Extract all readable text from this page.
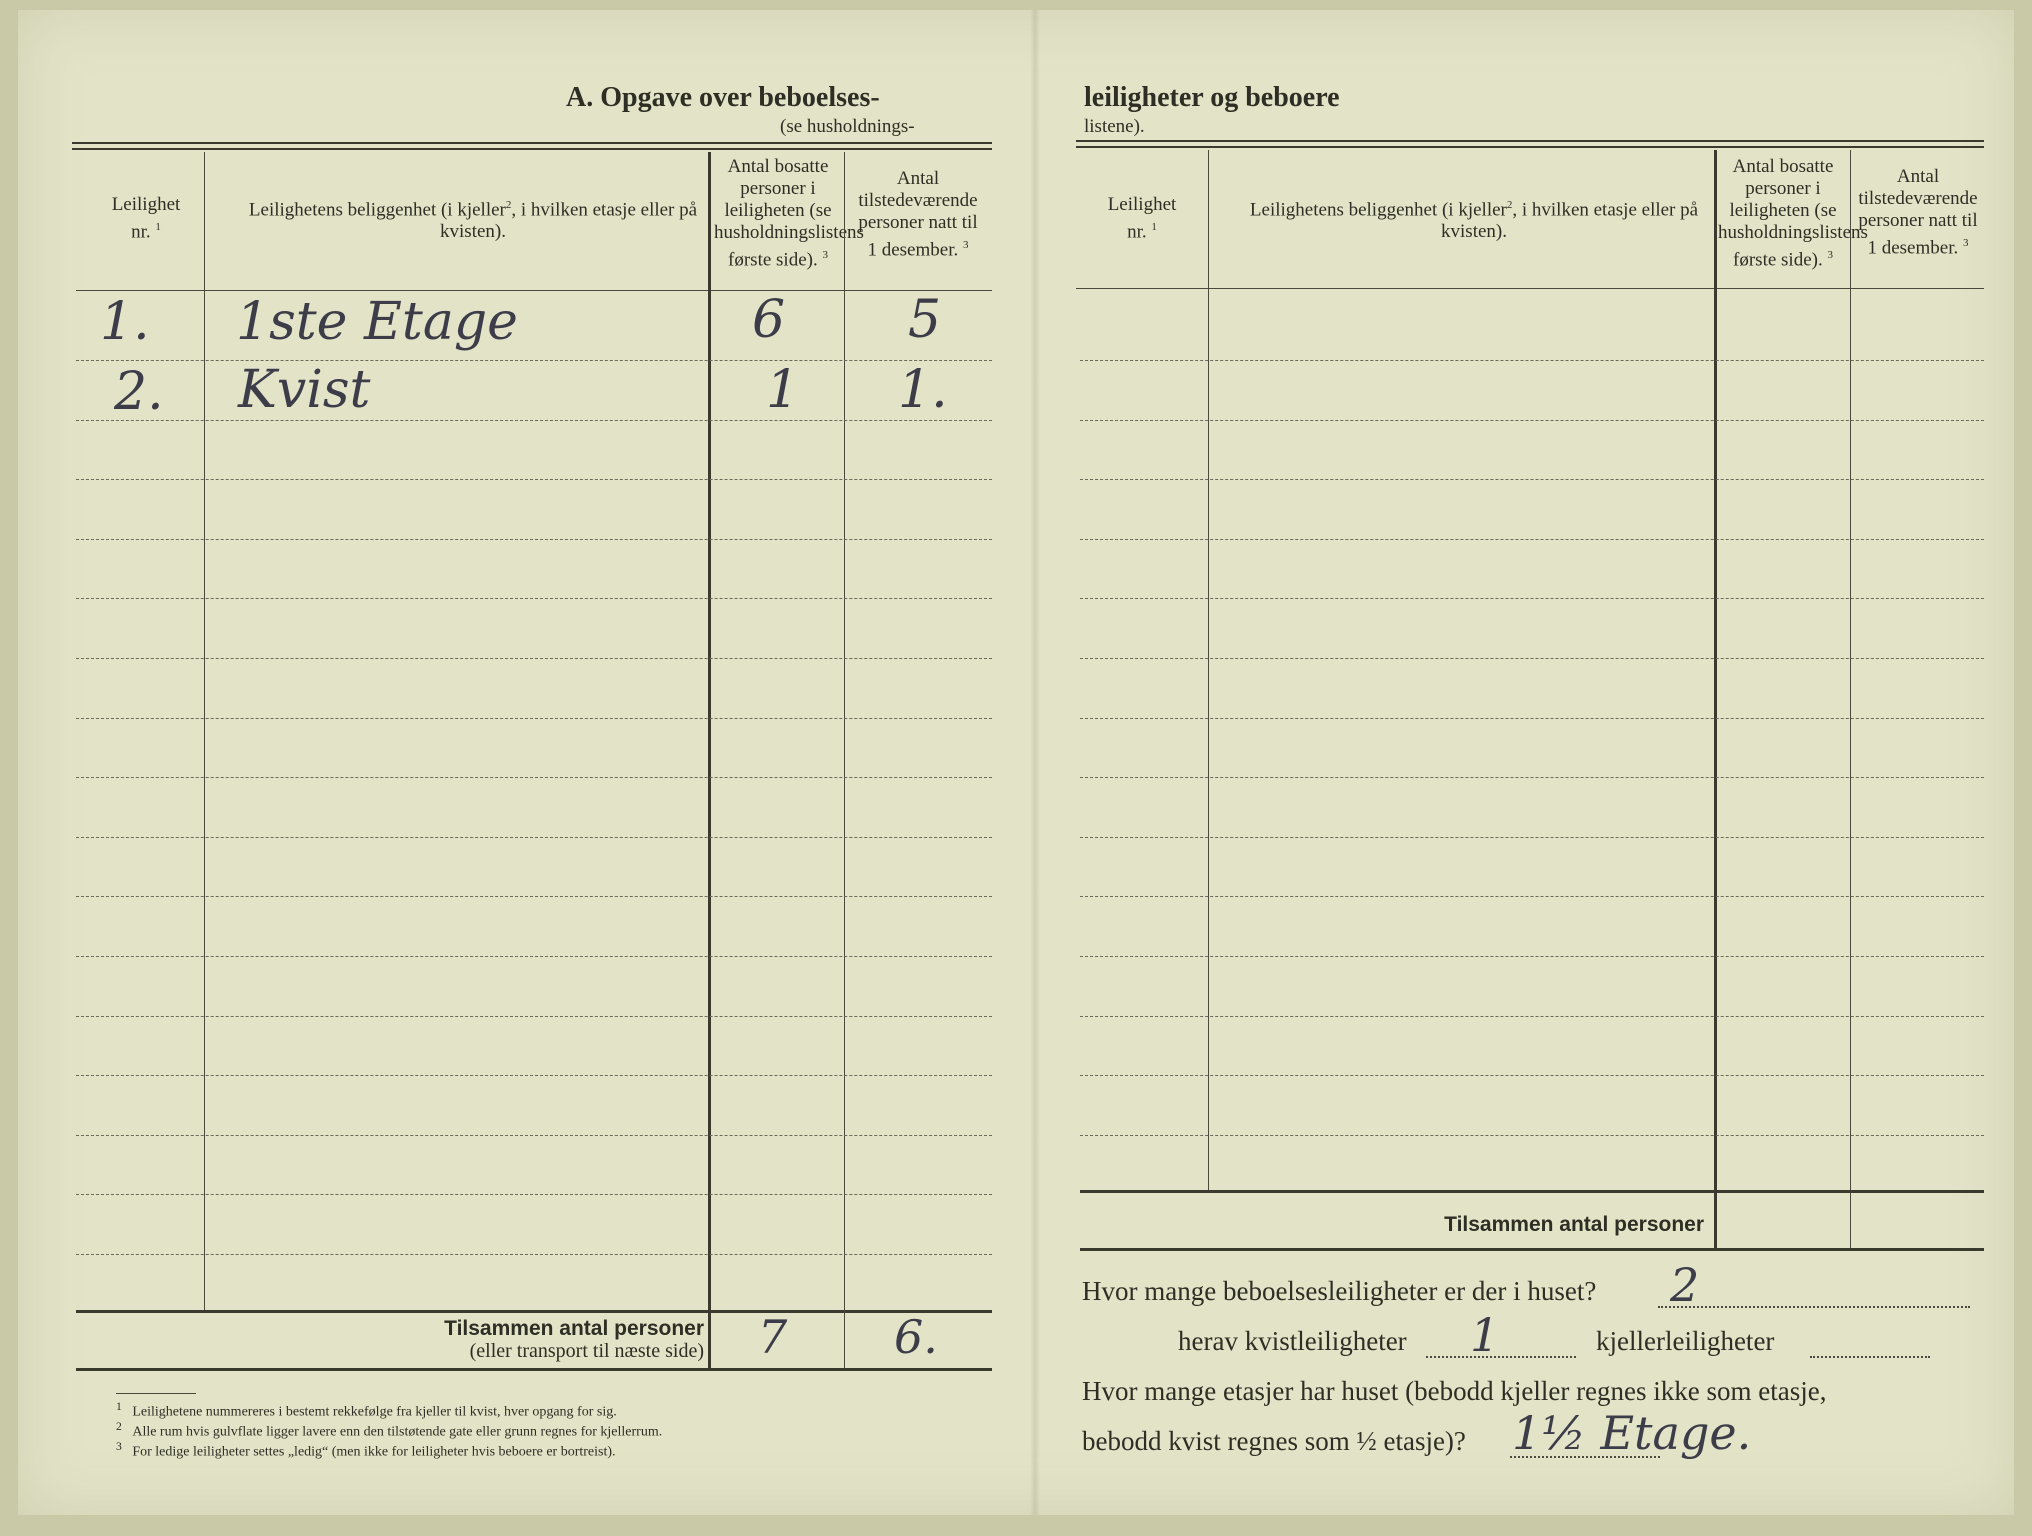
A. Opgave over beboelses-
(se husholdnings-
Leilighet nr. $^1$
Leilighetens beliggenhet (i kjeller$^2$, i hvilken etasje eller på kvisten).
Antal bosatte personer i leiligheten (se husholdningslistens første side). $^3$
Antal tilstedeværende personer natt til 1 desember. $^3$
1. 1ste Etage	6 5
2. Kvist	1 1.
Tilsammen antal personer
(eller transport til næste side) 7 6.
$^1$ Leilighetene nummereres i bestemt rekkefølge fra kjeller til kvist, hver opgang for sig.
$^2$ Alle rum hvis gulvflate ligger lavere enn den tilstøtende gate eller grunn regnes for kjellerrum.
$^3$ For ledige leiligheter settes „ledig“ (men ikke for leiligheter hvis beboere er bortreist).
leiligheter og beboere
listene).
Leilighet nr. $^1$
Leilighetens beliggenhet (i kjeller$^2$, i hvilken etasje eller på kvisten).
Antal bosatte personer i leiligheten (se husholdningslistens første side). $^3$
Antal tilstedeværende personer natt til 1 desember. $^3$
Tilsammen antal personer
Hvor mange beboelsesleiligheter er der i huset? 2
herav kvistleiligheter 1	kjellerleiligheter
Hvor mange etasjer har huset (bebodd kjeller regnes ikke som etasje,
bebodd kvist regnes som ½ etasje)? 1½ Etage.
